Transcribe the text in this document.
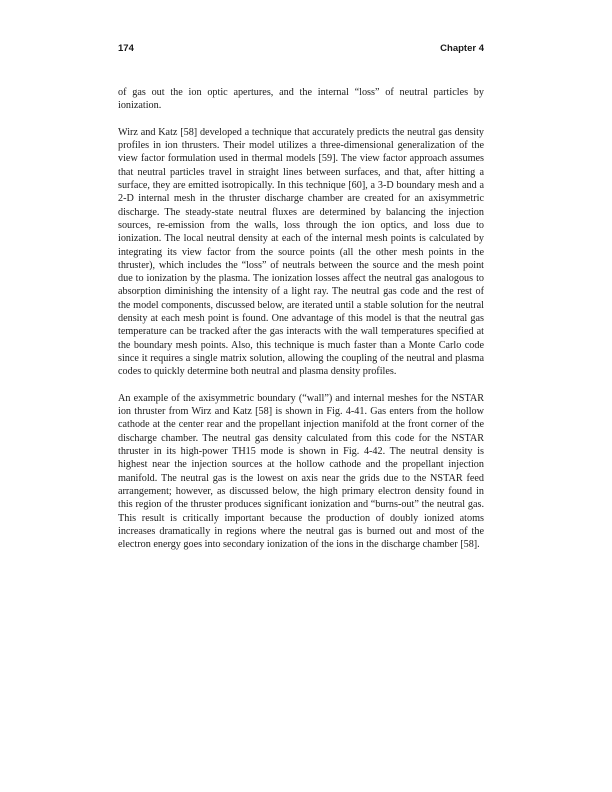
174	Chapter 4

of gas out the ion optic apertures, and the internal “loss” of neutral particles by ionization.

Wirz and Katz [58] developed a technique that accurately predicts the neutral gas density profiles in ion thrusters. Their model utilizes a three-dimensional generalization of the view factor formulation used in thermal models [59]. The view factor approach assumes that neutral particles travel in straight lines between surfaces, and that, after hitting a surface, they are emitted isotropically. In this technique [60], a 3-D boundary mesh and a 2-D internal mesh in the thruster discharge chamber are created for an axisymmetric discharge. The steady-state neutral fluxes are determined by balancing the injection sources, re-emission from the walls, loss through the ion optics, and loss due to ionization. The local neutral density at each of the internal mesh points is calculated by integrating its view factor from the source points (all the other mesh points in the thruster), which includes the “loss” of neutrals between the source and the mesh point due to ionization by the plasma. The ionization losses affect the neutral gas analogous to absorption diminishing the intensity of a light ray. The neutral gas code and the rest of the model components, discussed below, are iterated until a stable solution for the neutral density at each mesh point is found. One advantage of this model is that the neutral gas temperature can be tracked after the gas interacts with the wall temperatures specified at the boundary mesh points. Also, this technique is much faster than a Monte Carlo code since it requires a single matrix solution, allowing the coupling of the neutral and plasma codes to quickly determine both neutral and plasma density profiles.

An example of the axisymmetric boundary (“wall”) and internal meshes for the NSTAR ion thruster from Wirz and Katz [58] is shown in Fig. 4-41. Gas enters from the hollow cathode at the center rear and the propellant injection manifold at the front corner of the discharge chamber. The neutral gas density calculated from this code for the NSTAR thruster in its high-power TH15 mode is shown in Fig. 4-42. The neutral density is highest near the injection sources at the hollow cathode and the propellant injection manifold. The neutral gas is the lowest on axis near the grids due to the NSTAR feed arrangement; however, as discussed below, the high primary electron density found in this region of the thruster produces significant ionization and “burns-out” the neutral gas. This result is critically important because the production of doubly ionized atoms increases dramatically in regions where the neutral gas is burned out and most of the electron energy goes into secondary ionization of the ions in the discharge chamber [58].
